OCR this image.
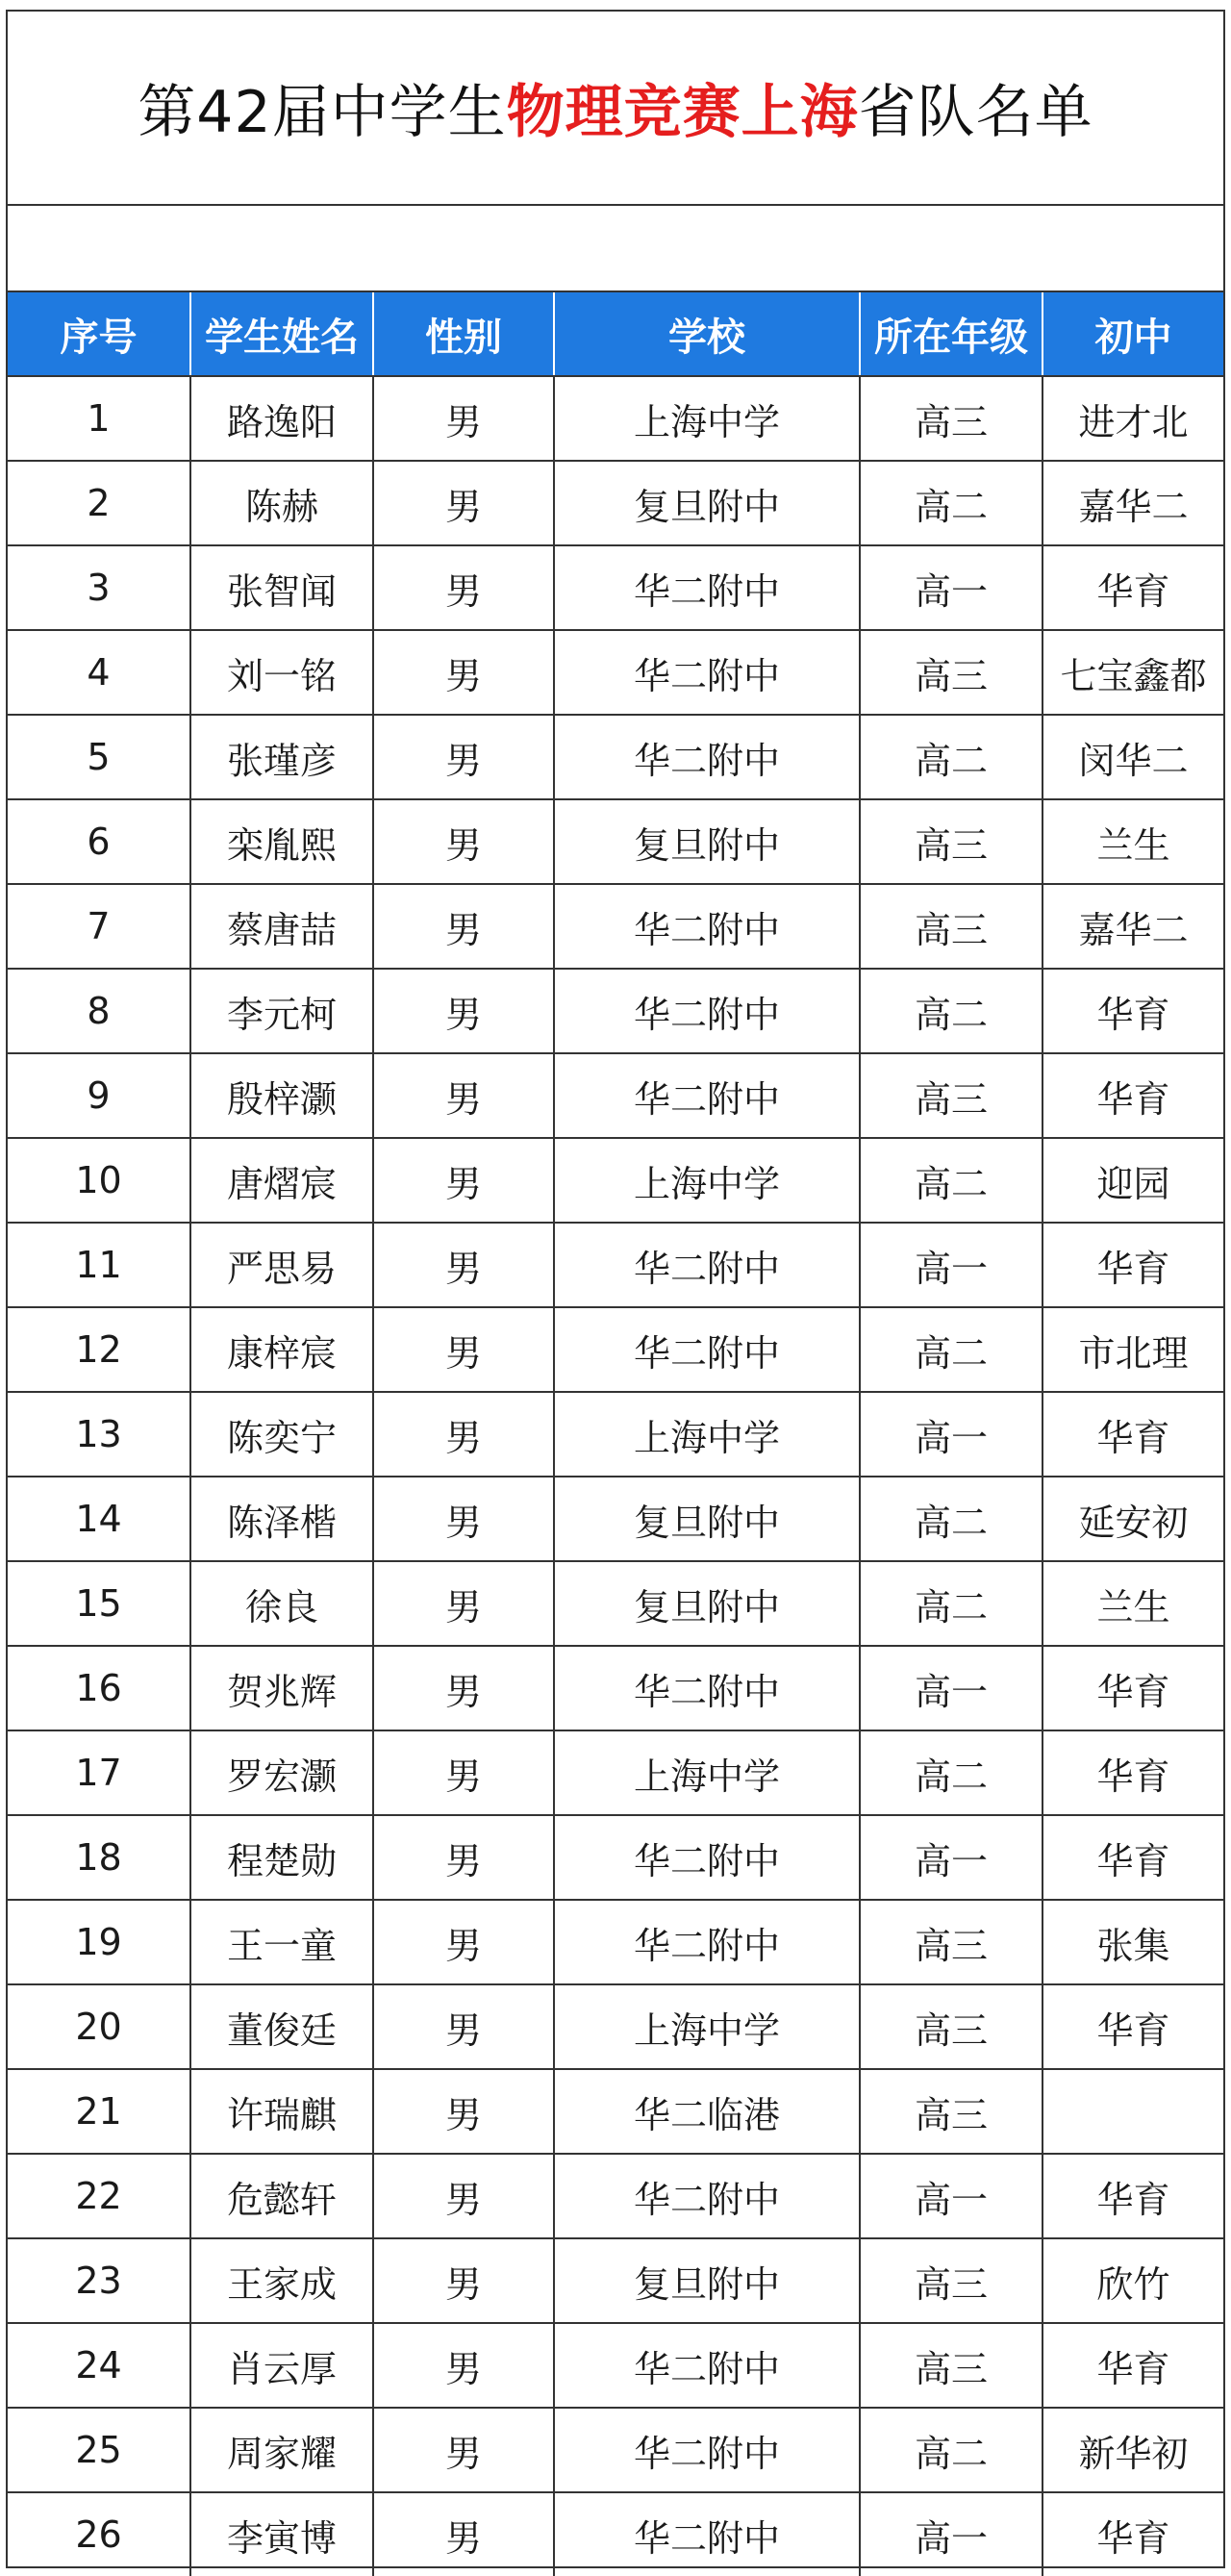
第42届中学生 物理竞赛上海 省队名单
序号	学生姓名	性别	学校	所在年级	初中
1	路逸阳	男	上海中学	高三	进才北
2	陈赫	男	复旦附中	高二	嘉华二
3	张智闻	男	华二附中	高一	华育
4	刘一铭	男	华二附中	高三	七宝鑫都
5	张瑾彦	男	华二附中	高二	闵华二
6	栾胤熙	男	复旦附中	高三	兰生
7	蔡唐喆	男	华二附中	高三	嘉华二
8	李元柯	男	华二附中	高二	华育
9	殷梓灏	男	华二附中	高三	华育
10	唐熠宸	男	上海中学	高二	迎园
11	严思易	男	华二附中	高一	华育
12	康梓宸	男	华二附中	高二	市北理
13	陈奕宁	男	上海中学	高一	华育
14	陈泽楷	男	复旦附中	高二	延安初
15	徐良	男	复旦附中	高二	兰生
16	贺兆辉	男	华二附中	高一	华育
17	罗宏灏	男	上海中学	高二	华育
18	程楚勋	男	华二附中	高一	华育
19	王一童	男	华二附中	高三	张集
20	董俊廷	男	上海中学	高三	华育
21	许瑞麒	男	华二临港	高三	
22	危懿轩	男	华二附中	高一	华育
23	王家成	男	复旦附中	高三	欣竹
24	肖云厚	男	华二附中	高三	华育
25	周家耀	男	华二附中	高二	新华初
26	李寅博	男	华二附中	高一	华育
